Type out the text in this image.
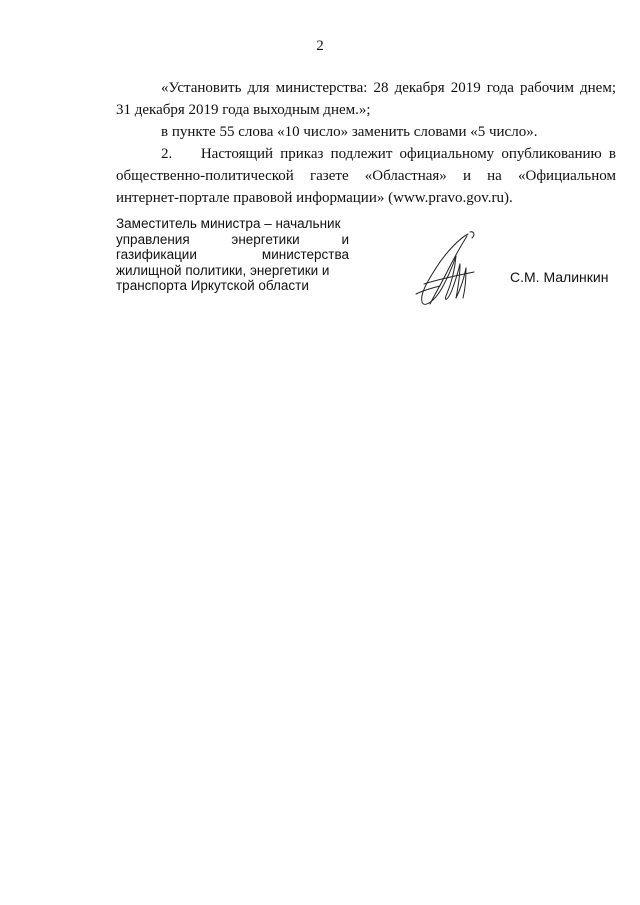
2

«Установить для министерства: 28 декабря 2019 года рабочим днем; 31 декабря 2019 года выходным днем.»;

в пункте 55 слова «10 число» заменить словами «5 число».

2.    Настоящий приказ подлежит официальному опубликованию в общественно-политической газете «Областная» и на «Официальном интернет-портале правовой информации» (www.pravo.gov.ru).

Заместитель министра – начальник
управления энергетики и
газификации министерства
жилищной политики, энергетики и
транспорта Иркутской области
С.М. Малинкин
